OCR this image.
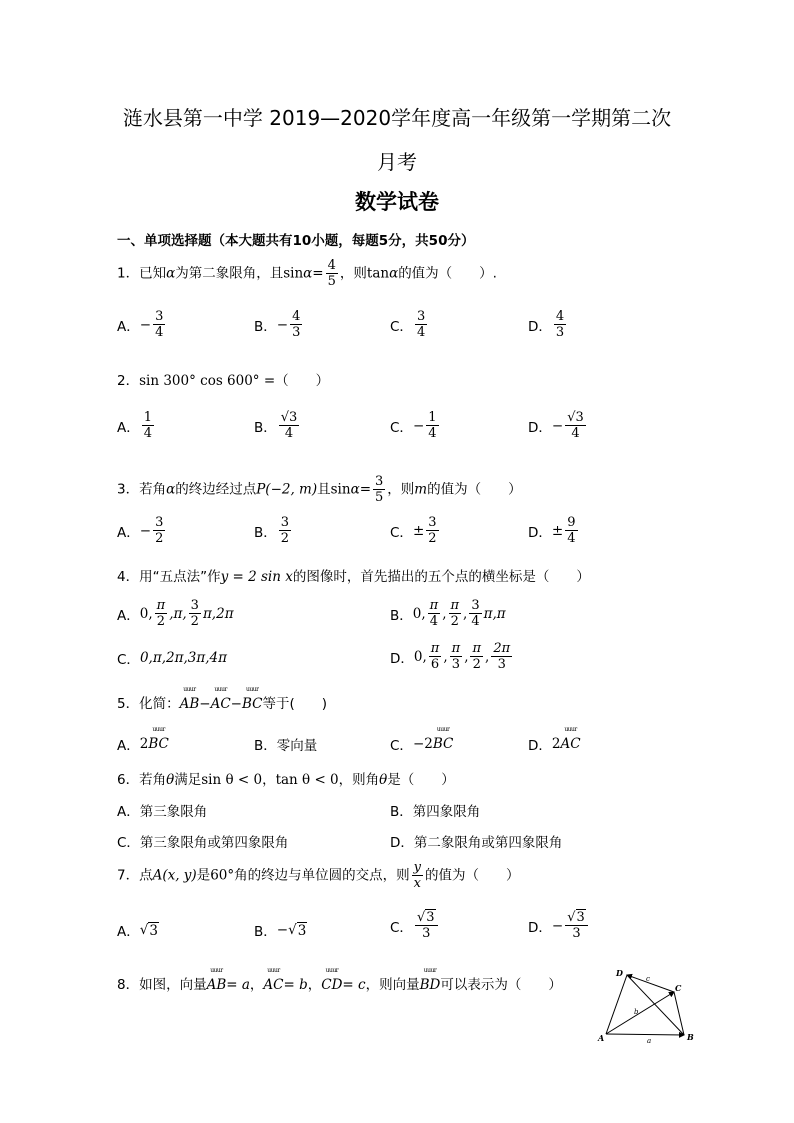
涟水县第一中学 2019—2020学年度高一年级第一学期第二次
月考
数学试卷
一、单项选择题（本大题共有10小题，每题5分，共50分）
1．已知α为第二象限角，且$\sin\alpha= \frac{4}{5}$ ，则tanα的值为（　　）.
A． − $\frac{3}{4}$	B． − $\frac{4}{3}$	C． $\frac{3}{4}$	D． $\frac{4}{3}$
2．sin 300° cos 600° =（　　）
A． $\frac{1}{4}$	B． $\frac{√3}{4}$	C． − $\frac{1}{4}$	D． − $\frac{√3}{4}$
3．若角α的终边经过点P(−2, m)且$\sin\alpha= \frac{3}{5}$ ，则m的值为（　　）
A． − $\frac{3}{2}$	B． $\frac{3}{2}$	C． ± $\frac{3}{2}$	D． ± $\frac{9}{4}$
4．用“五点法”作y = 2 sin x的图像时，首先描出的五个点的横坐标是（　　）
A． 0, $\frac{\pi}{2} ,\pi$, $\frac{3}{2} \pi,2\pi$	B． 0, $\frac{\pi}{4}$ , $\frac{\pi}{2}$ , $\frac{3}{4} \pi,\pi$
C． 0,π,2π,3π,4π	D． 0, $\frac{\pi}{6}$ , $\frac{\pi}{3}$ , $\frac{\pi}{2}$ , $\frac{2\pi}{3}$
5．化简：uuur AB−uuur AC−uuur BC等于(　　)
A． 2 uuur BC	B．零向量	C． −2 uuur BC	D． 2 uuur AC
6．若角θ满足sin θ < 0，tan θ < 0，则角θ是（　　）
A．第三象限角	B．第四象限角
C．第三象限角或第四象限角	D．第二象限角或第四象限角
7．点A(x, y)是60°角的终边与单位圆的交点，则 $\frac{y}{x}$ 的值为（　　）
A． √ 3	B． − √ 3	C． $\frac{√3}{3}$	D． − $\frac{√3}{3}$
8．如图，向量uuur AB= a，uuur AC= b，uuur CD= c，则向量uuur BD可以表示为（　　）
D
C
A	B
a
b
c
